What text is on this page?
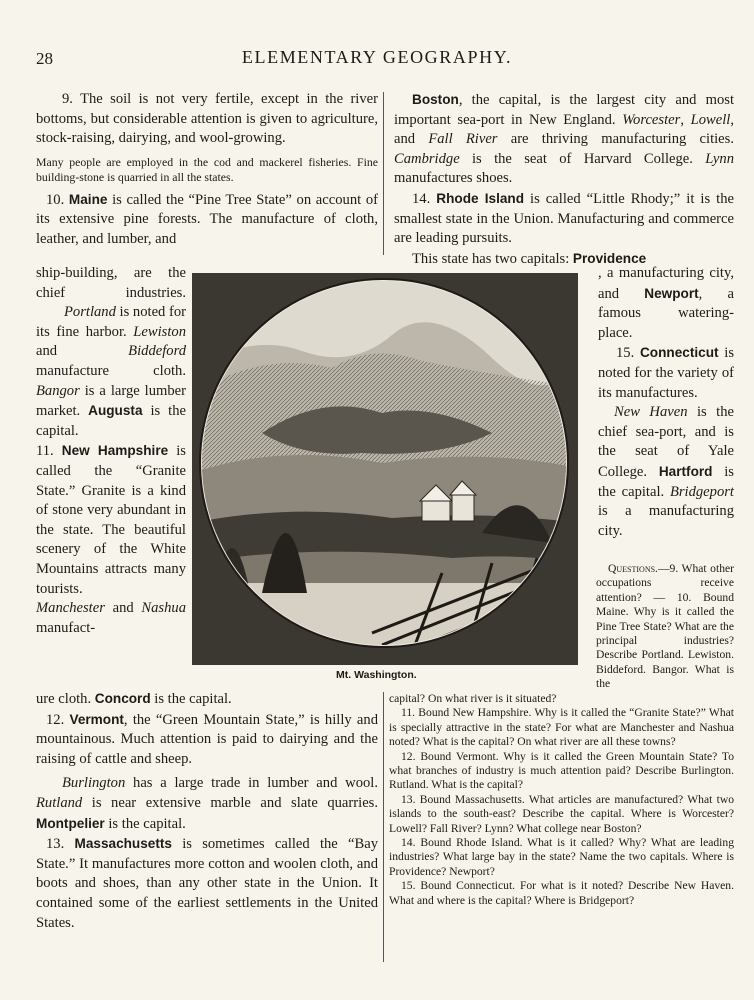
28	ELEMENTARY GEOGRAPHY.

9. The soil is not very fertile, except in the river bottoms, but considerable attention is given to agriculture, stock-raising, dairying, and wool-growing.

Many people are employed in the cod and mackerel fisheries. Fine building-stone is quarried in all the states.

10. Maine is called the “Pine Tree State” on account of its extensive pine forests. The manufacture of cloth, leather, and lumber, and

ship-building, are the chief industries. Portland is noted for its fine harbor. Lewiston and Biddeford manufacture cloth. Bangor is a large lumber market. Augusta is the capital.

11. New Hampshire is called the “Granite State.” Granite is a kind of stone very abundant in the state. The beautiful scenery of the White Mountains attracts many tourists.

Manchester and Nashua manufact-

ure cloth. Concord is the capital.

12. Vermont, the “Green Mountain State,” is hilly and mountainous. Much attention is paid to dairying and the raising of cattle and sheep.

Burlington has a large trade in lumber and wool. Rutland is near extensive marble and slate quarries. Montpelier is the capital.

13. Massachusetts is sometimes called the “Bay State.” It manufactures more cotton and woolen cloth, and boots and shoes, than any other state in the Union. It contained some of the earliest settlements in the United States.

Boston, the capital, is the largest city and most important sea-port in New England. Worcester, Lowell, and Fall River are thriving manufacturing cities. Cambridge is the seat of Harvard College. Lynn manufactures shoes.

14. Rhode Island is called “Little Rhody;” it is the smallest state in the Union. Manufacturing and commerce are leading pursuits.

This state has two capitals: Providence

, a manufacturing city, and Newport, a famous watering-place.

15. Connecticut is noted for the variety of its manufactures.

New Haven is the chief sea-port, and is the seat of Yale College. Hartford is the capital. Bridgeport is a manufacturing city.

Questions.—9. What other occupations receive attention? — 10. Bound Maine. Why is it called the Pine Tree State? What are the principal industries? Describe Portland. Lewiston. Biddeford. Bangor. What is the

capital? On what river is it situated?

11. Bound New Hampshire. Why is it called the “Granite State?” What is specially attractive in the state? For what are Manchester and Nashua noted? What is the capital? On what river are all these towns?

12. Bound Vermont. Why is it called the Green Mountain State? To what branches of industry is much attention paid? Describe Burlington. Rutland. What is the capital?

13. Bound Massachusetts. What articles are manufactured? What two islands to the south-east? Describe the capital. Where is Worcester? Lowell? Fall River? Lynn? What college near Boston?

14. Bound Rhode Island. What is it called? Why? What are leading industries? What large bay in the state? Name the two capitals. Where is Providence? Newport?

15. Bound Connecticut. For what is it noted? Describe New Haven. What and where is the capital? Where is Bridgeport?

Mt. Washington.
